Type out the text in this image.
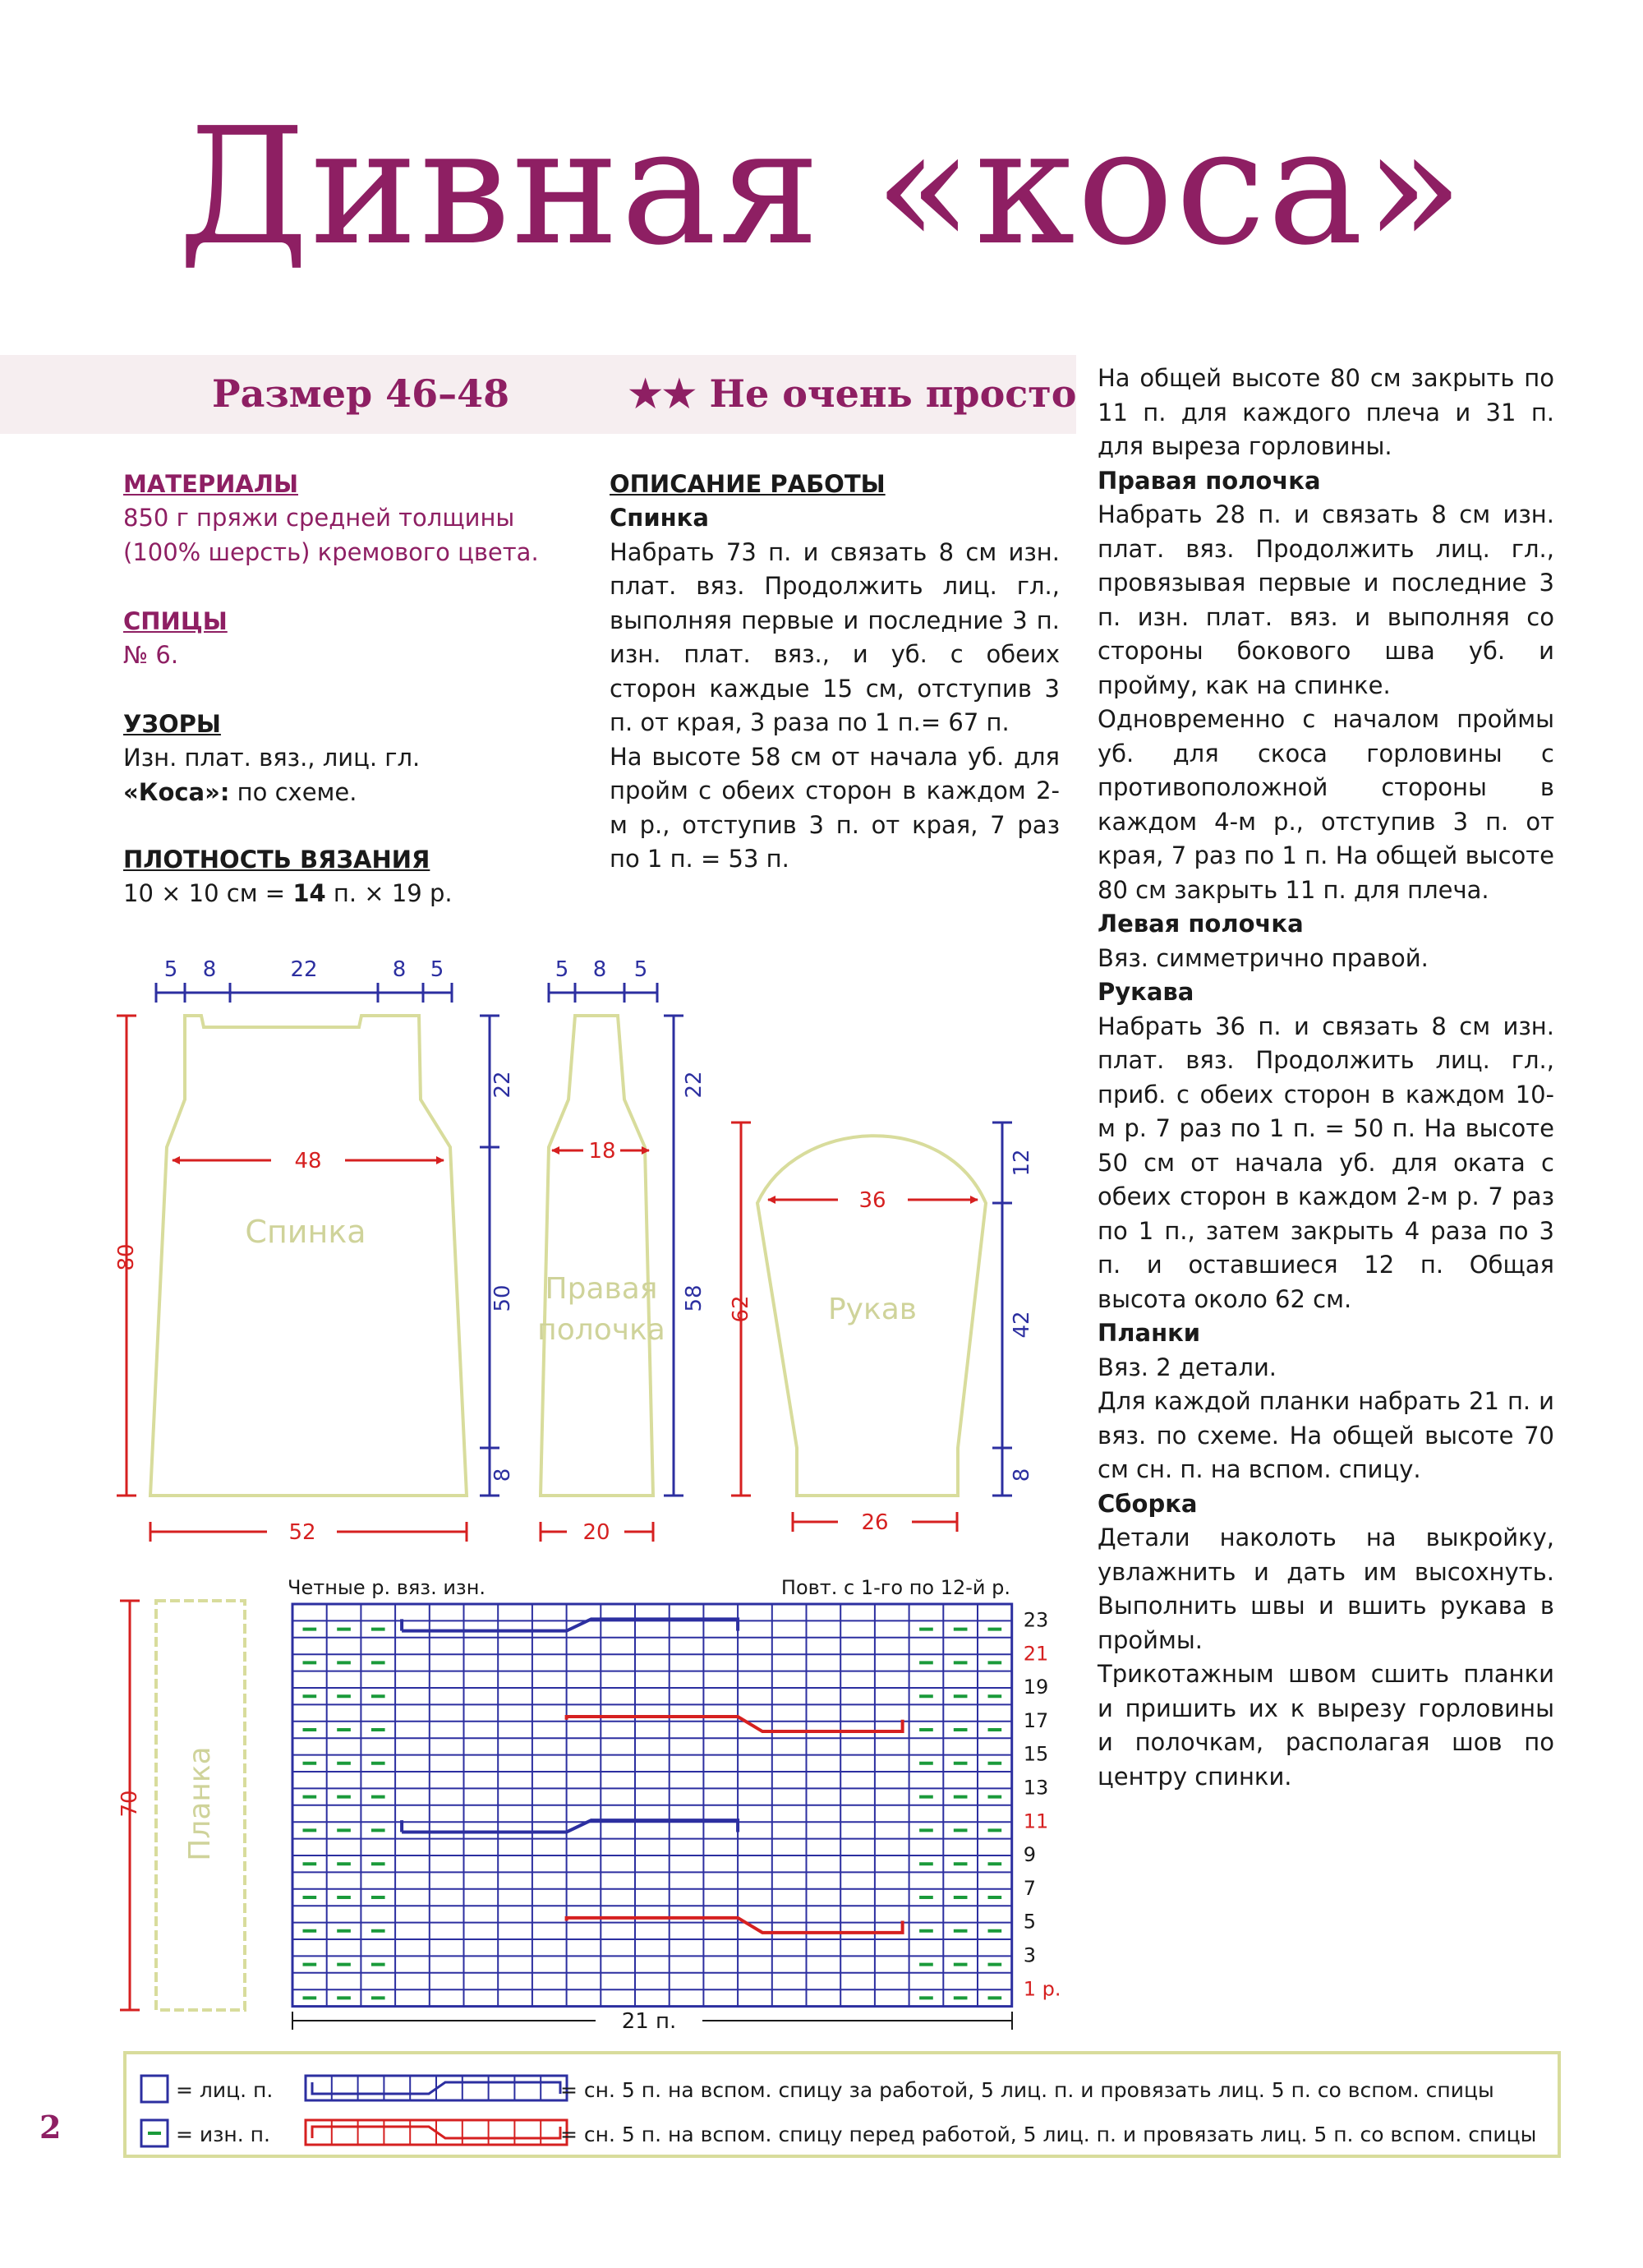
Дивная «коса»
Размер 46–48	★★ Не очень просто
МАТЕРИАЛЫ
850 г пряжи средней толщины (100% шерсть) кремового цвета.
СПИЦЫ
№ 6.
УЗОРЫ
Изн. плат. вяз., лиц. гл.
«Коса»: по схеме.
ПЛОТНОСТЬ ВЯЗАНИЯ
10 × 10 см = 14 п. × 19 р.
ОПИСАНИЕ РАБОТЫ
Спинка

Набрать 73 п. и связать 8 см изн. плат. вяз. Продолжить лиц. гл., выполняя первые и последние 3 п. изн. плат. вяз., и уб. с обеих сторон каждые 15 см, отступив 3 п. от края, 3 раза по 1 п.= 67 п.

На высоте 58 см от начала уб. для пройм с обеих сторон в каждом 2-м р., отступив 3 п. от края, 7 раз по 1 п. = 53 п.

На общей высоте 80 см закрыть по 11 п. для каждого плеча и 31 п. для выреза горловины.

Правая полочка

Набрать 28 п. и связать 8 см изн. плат. вяз. Продолжить лиц. гл., провязывая первые и последние 3 п. изн. плат. вяз. и выполняя со стороны бокового шва уб. и пройму, как на спинке.

Одновременно с началом проймы уб. для скоса горловины с противоположной стороны в каждом 4-м р., отступив 3 п. от края, 7 раз по 1 п. На общей высоте 80 см закрыть 11 п. для плеча.

Левая полочка

Вяз. симметрично правой.

Рукава

Набрать 36 п. и связать 8 см изн. плат. вяз. Продолжить лиц. гл., приб. с обеих сторон в каждом 10-м р. 7 раз по 1 п. = 50 п. На высоте 50 см от начала уб. для оката с обеих сторон в каждом 2-м р. 7 раз по 1 п., затем закрыть 4 раза по 3 п. и оставшиеся 12 п. Общая высота около 62 см.

Планки

Вяз. 2 детали.

Для каждой планки набрать 21 п. и вяз. по схеме. На общей высоте 70 см сн. п. на вспом. спицу.

Сборка

Детали наколоть на выкройку, увлажнить и дать им высохнуть. Выполнить швы и вшить рукава в проймы.

Трикотажным швом сшить планки и пришить их к вырезу горловины и полочкам, располагая шов по центру спинки.

5 8	22	8 5
22
50
8
48
52
80
Спинка
5 8 5
22
58
18
20
Правая
полочка
12
42
8
36
26
62	Рукав
70 Планка
Четные р. вяз. изн.	Повт. с 1-го по 12-й р.
23
21
19
17
15
13
11
9
7
5
3
1 р.
21 п.
= лиц. п.
= изн. п.
= сн. 5 п. на вспом. спицу за работой, 5 лиц. п. и провязать лиц. 5 п. со вспом. спицы
= сн. 5 п. на вспом. спицу перед работой, 5 лиц. п. и провязать лиц. 5 п. со вспом. спицы
2
